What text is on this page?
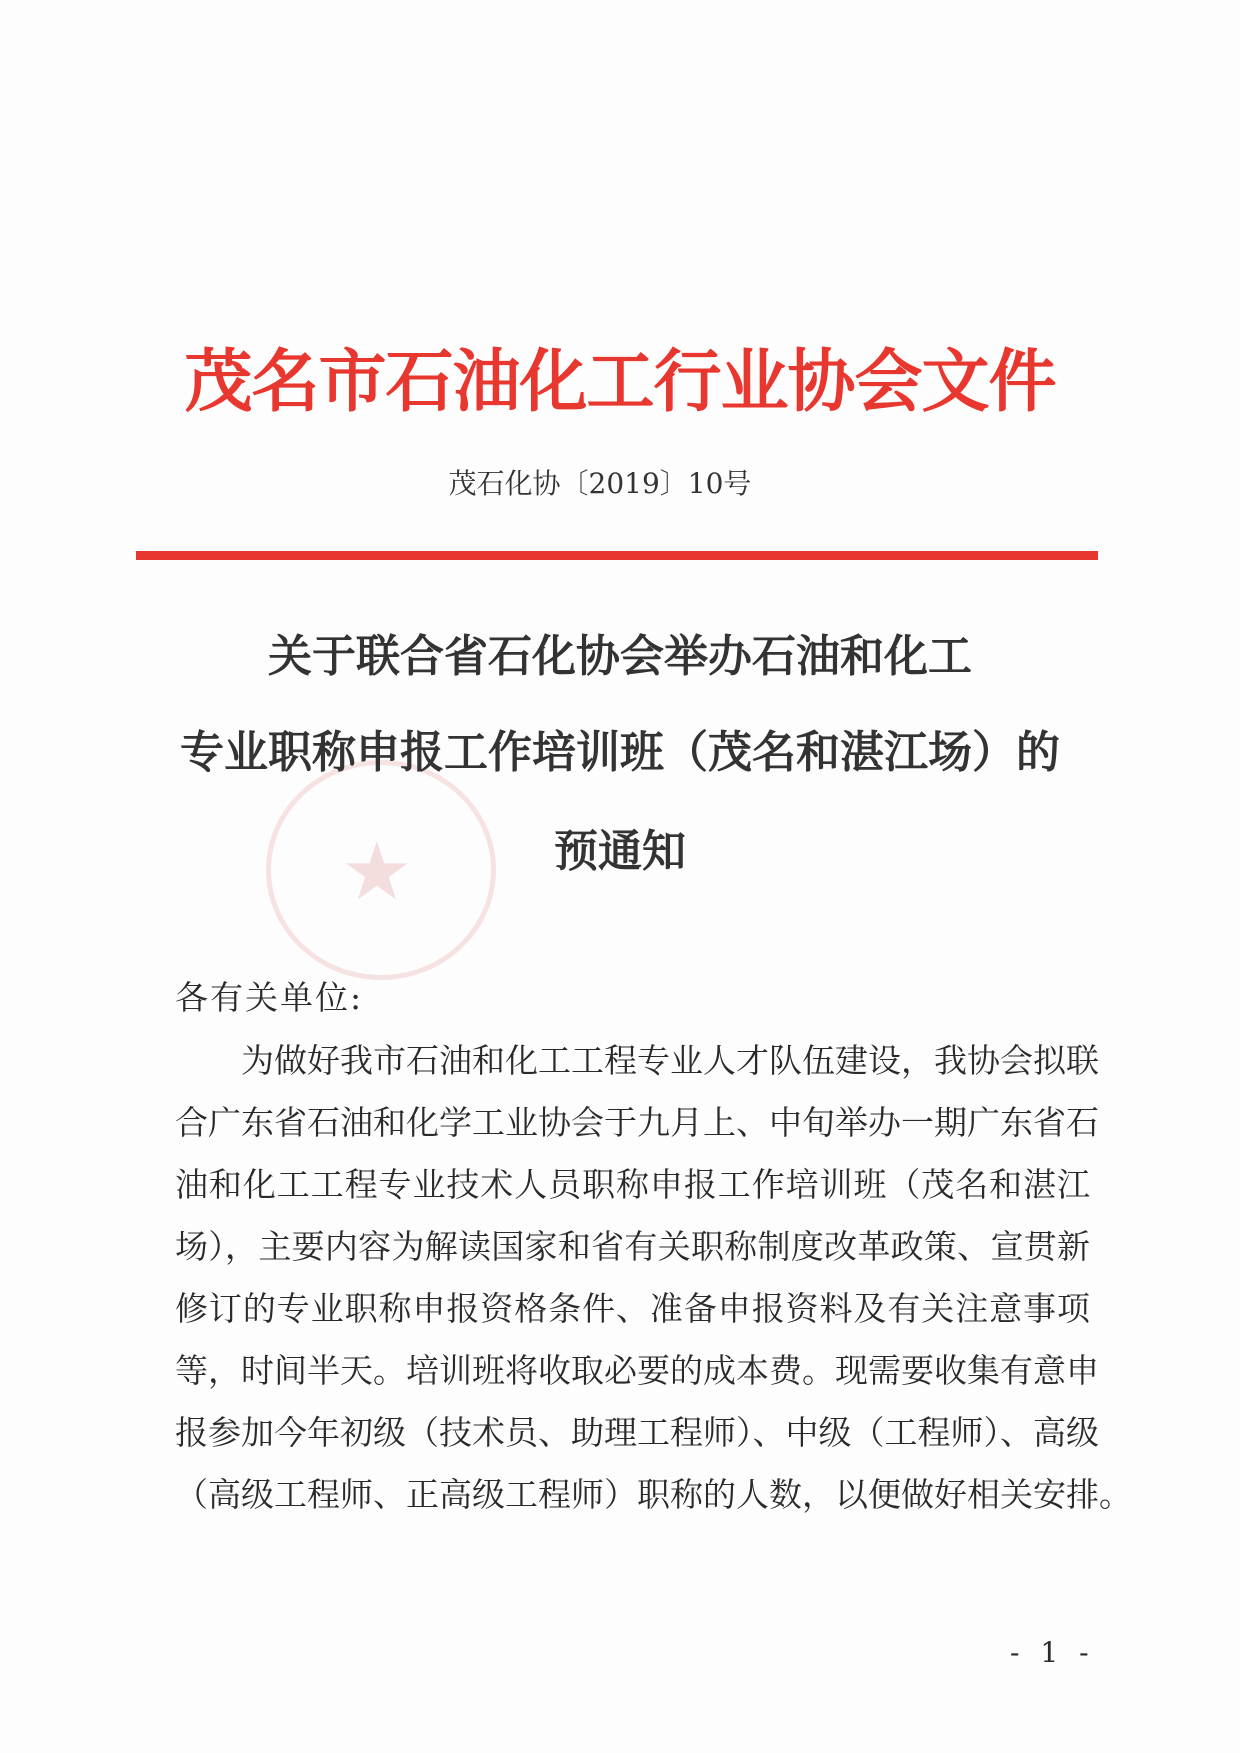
茂名市石油化工行业协会文件
茂石化协〔2019〕10号
★
关于联合省石化协会举办石油和化工
专业职称申报工作培训班（茂名和湛江场）的
预通知
各有关单位:
　　为做好我市石油和化工工程专业人才队伍建设，我协会拟联
合广东省石油和化学工业协会于九月上、中旬举办一期广东省石
油和化工工程专业技术人员职称申报工作培训班（茂名和湛江
场），主要内容为解读国家和省有关职称制度改革政策、宣贯新
修订的专业职称申报资格条件、准备申报资料及有关注意事项
等，时间半天。培训班将收取必要的成本费。现需要收集有意申
报参加今年初级（技术员、助理工程师）、中级（工程师）、高级
（高级工程师、正高级工程师）职称的人数，以便做好相关安排。
- 1 -
